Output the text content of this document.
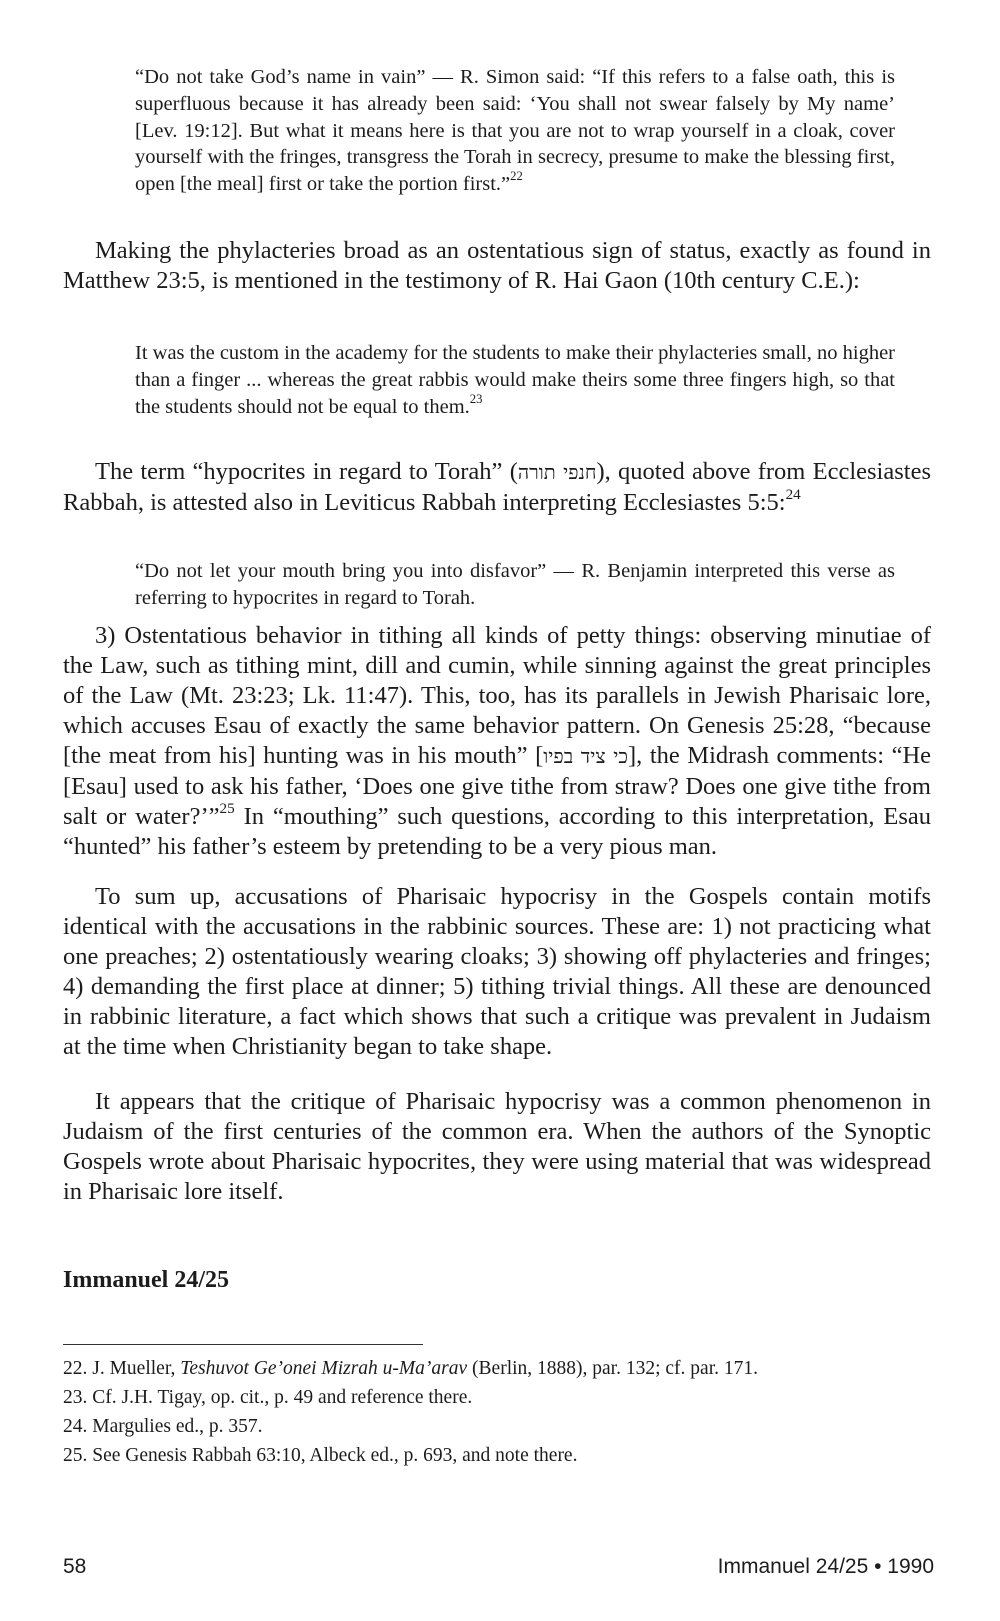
“Do not take God’s name in vain” — R. Simon said: “If this refers to a false oath, this is superfluous because it has already been said: ‘You shall not swear falsely by My name’ [Lev. 19:12]. But what it means here is that you are not to wrap yourself in a cloak, cover yourself with the fringes, transgress the Torah in secrecy, presume to make the blessing first, open [the meal] first or take the portion first.”$^{22}$

Making the phylacteries broad as an ostentatious sign of status, exactly as found in Matthew 23:5, is mentioned in the testimony of R. Hai Gaon (10th century C.E.):

It was the custom in the academy for the students to make their phylacteries small, no higher than a finger ... whereas the great rabbis would make theirs some three fingers high, so that the students should not be equal to them.$^{23}$

The term “hypocrites in regard to Torah” (חנפי תורה), quoted above from Ecclesiastes Rabbah, is attested also in Leviticus Rabbah interpreting Ecclesiastes 5:5:$^{24}$

“Do not let your mouth bring you into disfavor” — R. Benjamin interpreted this verse as referring to hypocrites in regard to Torah.

3) Ostentatious behavior in tithing all kinds of petty things: observing minutiae of the Law, such as tithing mint, dill and cumin, while sinning against the great principles of the Law (Mt. 23:23; Lk. 11:47). This, too, has its parallels in Jewish Pharisaic lore, which accuses Esau of exactly the same behavior pattern. On Genesis 25:28, “because [the meat from his] hunting was in his mouth” [כי ציד בפיו], the Midrash comments: “He [Esau] used to ask his father, ‘Does one give tithe from straw? Does one give tithe from salt or water?’”$^{25}$ In “mouthing” such questions, according to this interpretation, Esau “hunted” his father’s esteem by pretending to be a very pious man.

To sum up, accusations of Pharisaic hypocrisy in the Gospels contain motifs identical with the accusations in the rabbinic sources. These are: 1) not practicing what one preaches; 2) ostentatiously wearing cloaks; 3) showing off phylacteries and fringes; 4) demanding the first place at dinner; 5) tithing trivial things. All these are denounced in rabbinic literature, a fact which shows that such a critique was prevalent in Judaism at the time when Christianity began to take shape.

It appears that the critique of Pharisaic hypocrisy was a common phenomenon in Judaism of the first centuries of the common era. When the authors of the Synoptic Gospels wrote about Pharisaic hypocrites, they were using material that was widespread in Pharisaic lore itself.

Immanuel 24/25

22. J. Mueller, Teshuvot Ge’onei Mizrah u-Ma’arav (Berlin, 1888), par. 132; cf. par. 171.

23. Cf. J.H. Tigay, op. cit., p. 49 and reference there.

24. Margulies ed., p. 357.

25. See Genesis Rabbah 63:10, Albeck ed., p. 693, and note there.

58	Immanuel 24/25 • 1990
